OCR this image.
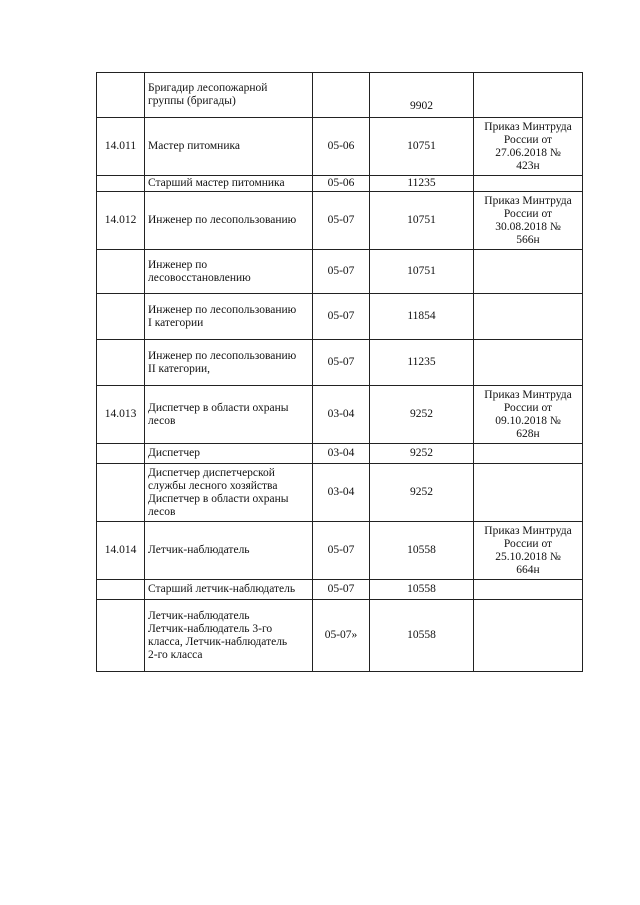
	Бригадир лесопожарной
группы (бригады)		9902	
14.011	Мастер питомника	05-06	10751	Приказ Минтруда
России от
27.06.2018 №
423н

	Старший мастер питомника	05-06	11235	
14.012	Инженер по лесопользованию	05-07	10751	Приказ Минтруда
России от
30.08.2018 №
566н

	Инженер по
лесовосстановлению	05-07	10751	

	Инженер по лесопользованию
I категории	05-07	11854	

	Инженер по лесопользованию
II категории,	05-07	11235	
14.013	Диспетчер в области охраны
лесов	03-04	9252	Приказ Минтруда
России от
09.10.2018 №
628н

	Диспетчер	03-04	9252	

	Диспетчер диспетчерской
службы лесного хозяйства
Диспетчер в области охраны
лесов	03-04	9252	
14.014	Летчик-наблюдатель	05-07	10558	Приказ Минтруда
России от
25.10.2018 №
664н

	Старший летчик-наблюдатель	05-07	10558	

	Летчик-наблюдатель
Летчик-наблюдатель 3-го
класса, Летчик-наблюдатель
2-го класса	05-07»	10558	
